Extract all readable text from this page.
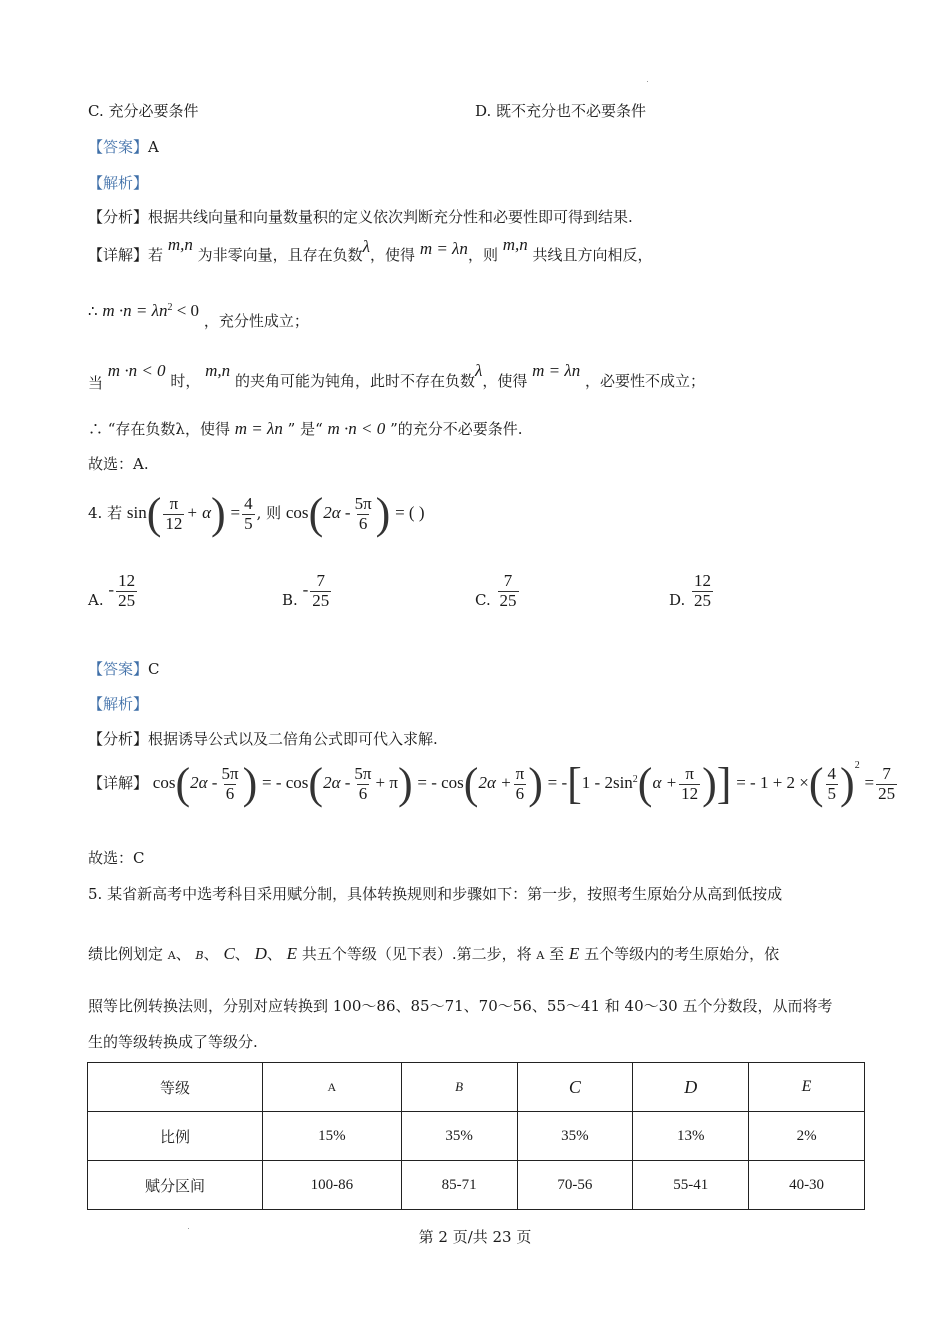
C. 充分必要条件	D. 既不充分也不必要条件
【答案】A
【解析】
【分析】根据共线向量和向量数量积的定义依次判断充分性和必要性即可得到结果.
【详解】若 m,n 为非零向量，且存在负数λ，使得 m = λn，则 m,n 共线且方向相反，
∴ $m \cdot n = \lambda n^2 < 0$ ，充分性成立；
当 m ·n < 0 时， m,n 的夹角可能为钝角，此时不存在负数λ，使得 m = λn ，必要性不成立；
∴ “存在负数λ，使得 m = λn ” 是“ m ·n < 0 ”的充分不必要条件.
故选：A.
4. 若 $\sin( \frac{\pi}{12} + \alpha) = \frac{4}{5}$ , 则 $\cos(2\alpha - \frac{5\pi}{6}$ ) = ( )
A. - $\frac{12}{25}$	B. - $\frac{7}{25}$	C. $\frac{7}{25}$	D. $\frac{12}{25}$
【答案】C
【解析】
【分析】根据诱导公式以及二倍角公式即可代入求解.
【详解】 $\cos(2\alpha - \frac{5\pi}{6}$ ) = - $\cos(2\alpha - \frac{5\pi}{6} + \pi)$ = - $\cos(2\alpha + \frac{\pi}{6}$ ) = $-[1 - 2\sin^2(\alpha + \frac{\pi}{12}$ )] = - 1 + 2 ×( $\frac{4}{5} )^2 = \frac{7}{25}$
故选：C
5. 某省新高考中选考科目采用赋分制，具体转换规则和步骤如下：第一步，按照考生原始分从高到低按成
绩比例划定 A、 B、 C、 D、 E 共五个等级（见下表）.第二步，将 A 至 E 五个等级内的考生原始分，依
照等比例转换法则，分别对应转换到 100～86、85～71、70～56、55～41 和 40～30 五个分数段，从而将考
生的等级转换成了等级分.
等级	A	B	C	D	E
比例	15%	35%	35%	13%	2%
赋分区间	100-86	85-71	70-56	55-41	40-30
第 2 页/共 23 页
